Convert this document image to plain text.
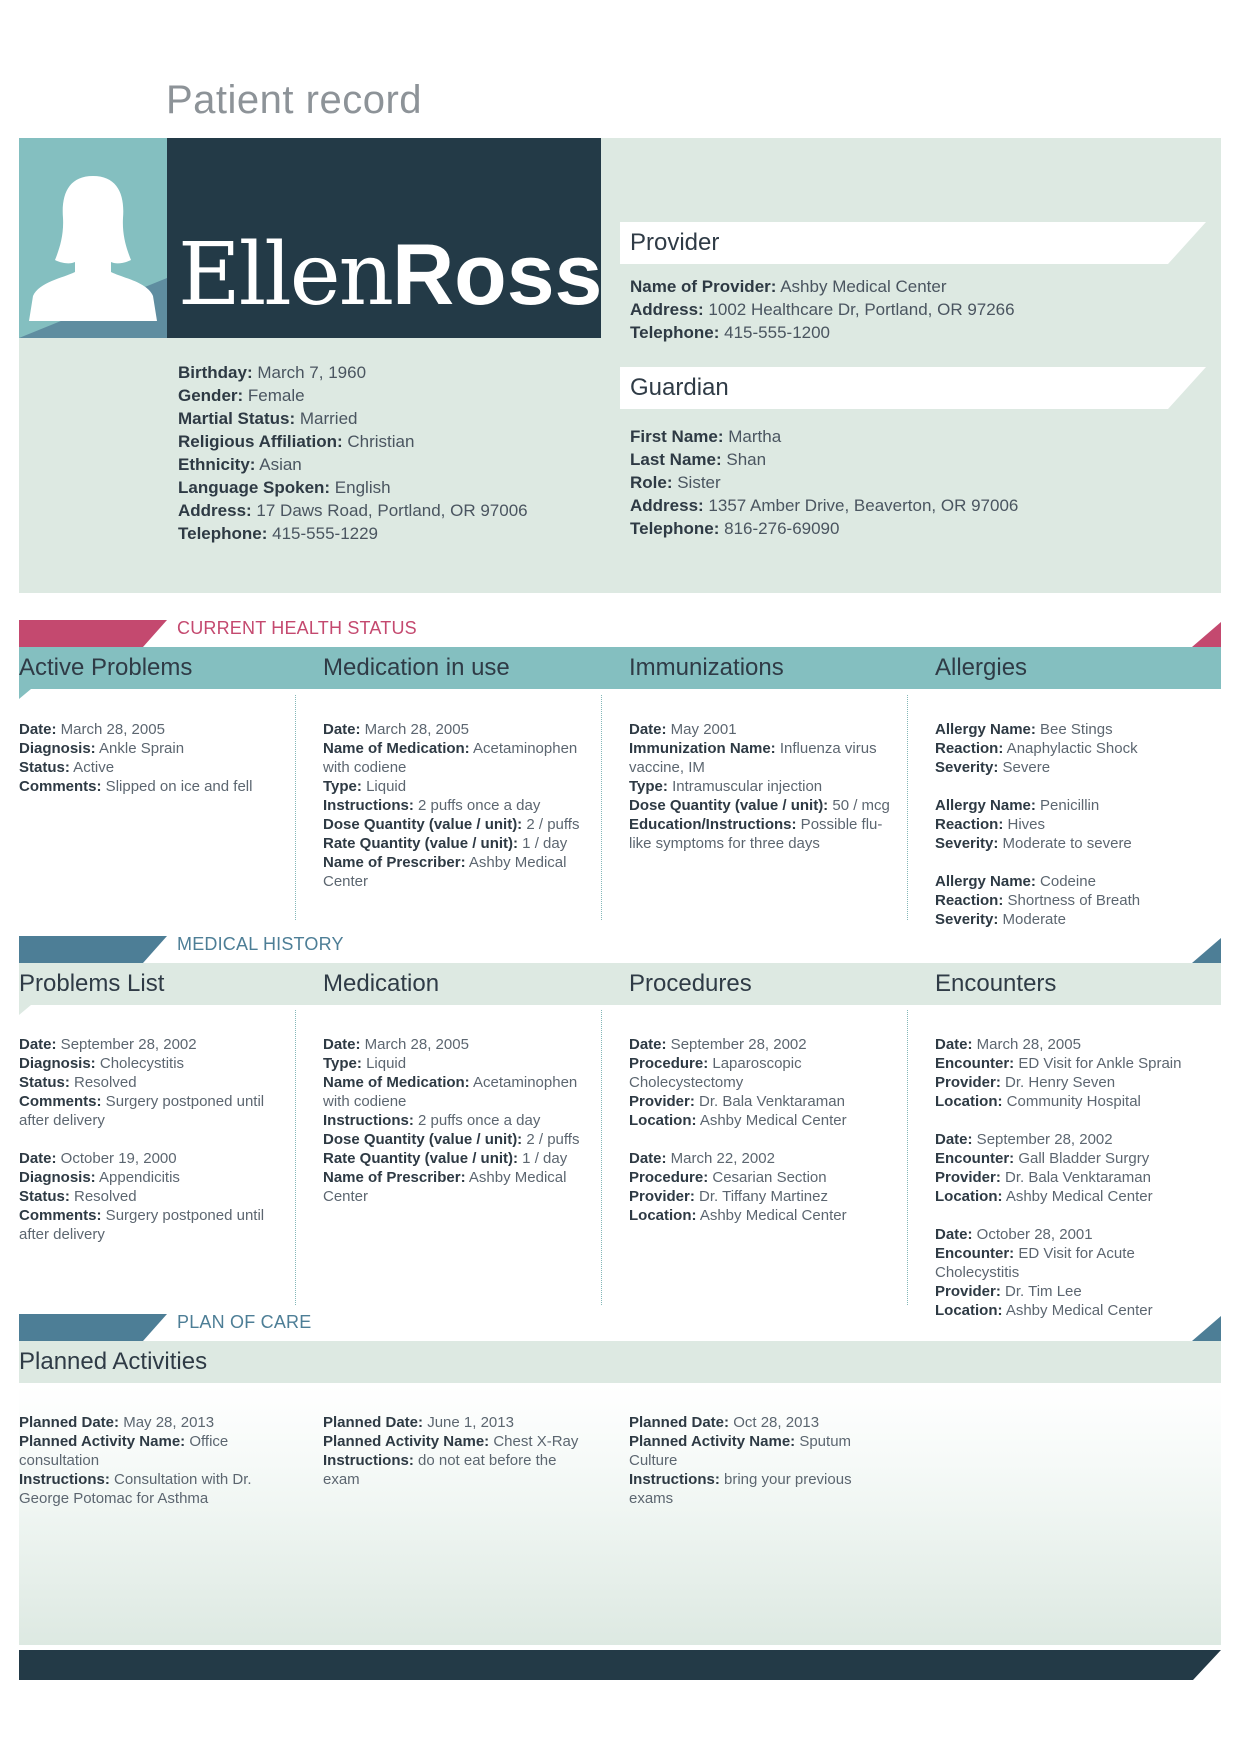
Patient record
EllenRoss
Birthday: March 7, 1960
Gender: Female
Martial Status: Married
Religious Affiliation: Christian
Ethnicity: Asian
Language Spoken: English
Address: 17 Daws Road, Portland, OR 97006
Telephone: 415-555-1229
Provider
Name of Provider: Ashby Medical Center
Address: 1002 Healthcare Dr, Portland, OR 97266
Telephone: 415-555-1200
Guardian
First Name: Martha
Last Name: Shan
Role: Sister
Address: 1357 Amber Drive, Beaverton, OR 97006
Telephone: 816-276-69090
CURRENT HEALTH STATUS
Active Problems
Date: March 28, 2005
Diagnosis: Ankle Sprain
Status: Active
Comments: Slipped on ice and fell
Medication in use
Date: March 28, 2005
Name of Medication: Acetaminophen with codiene
Type: Liquid
Instructions: 2 puffs once a day
Dose Quantity (value / unit): 2 / puffs
Rate Quantity (value / unit): 1 / day
Name of Prescriber: Ashby Medical Center
Immunizations
Date: May 2001
Immunization Name: Influenza virus vaccine, IM
Type: Intramuscular injection
Dose Quantity (value / unit): 50 / mcg
Education/Instructions: Possible flu-like symptoms for three days
Allergies
Allergy Name: Bee Stings
Reaction: Anaphylactic Shock
Severity: Severe
Allergy Name: Penicillin
Reaction: Hives
Severity: Moderate to severe
Allergy Name: Codeine
Reaction: Shortness of Breath
Severity: Moderate
MEDICAL HISTORY
Problems List
Date: September 28, 2002
Diagnosis: Cholecystitis
Status: Resolved
Comments: Surgery postponed until after delivery
Date: October 19, 2000
Diagnosis: Appendicitis
Status: Resolved
Comments: Surgery postponed until after delivery
Medication
Date: March 28, 2005
Type: Liquid
Name of Medication: Acetaminophen with codiene
Instructions: 2 puffs once a day
Dose Quantity (value / unit): 2 / puffs
Rate Quantity (value / unit): 1 / day
Name of Prescriber: Ashby Medical Center
Procedures
Date: September 28, 2002
Procedure: Laparoscopic Cholecystectomy
Provider: Dr. Bala Venktaraman
Location: Ashby Medical Center
Date: March 22, 2002
Procedure: Cesarian Section
Provider: Dr. Tiffany Martinez
Location: Ashby Medical Center
Encounters
Date: March 28, 2005
Encounter: ED Visit for Ankle Sprain
Provider: Dr. Henry Seven
Location: Community Hospital
Date: September 28, 2002
Encounter: Gall Bladder Surgry
Provider: Dr. Bala Venktaraman
Location: Ashby Medical Center
Date: October 28, 2001
Encounter: ED Visit for Acute Cholecystitis
Provider: Dr. Tim Lee
Location: Ashby Medical Center
PLAN OF CARE
Planned Activities
Planned Date: May 28, 2013
Planned Activity Name: Office consultation
Instructions: Consultation with Dr. George Potomac for Asthma
Planned Date: June 1, 2013
Planned Activity Name: Chest X-Ray
Instructions: do not eat before the exam
Planned Date: Oct 28, 2013
Planned Activity Name: Sputum Culture
Instructions: bring your previous exams
